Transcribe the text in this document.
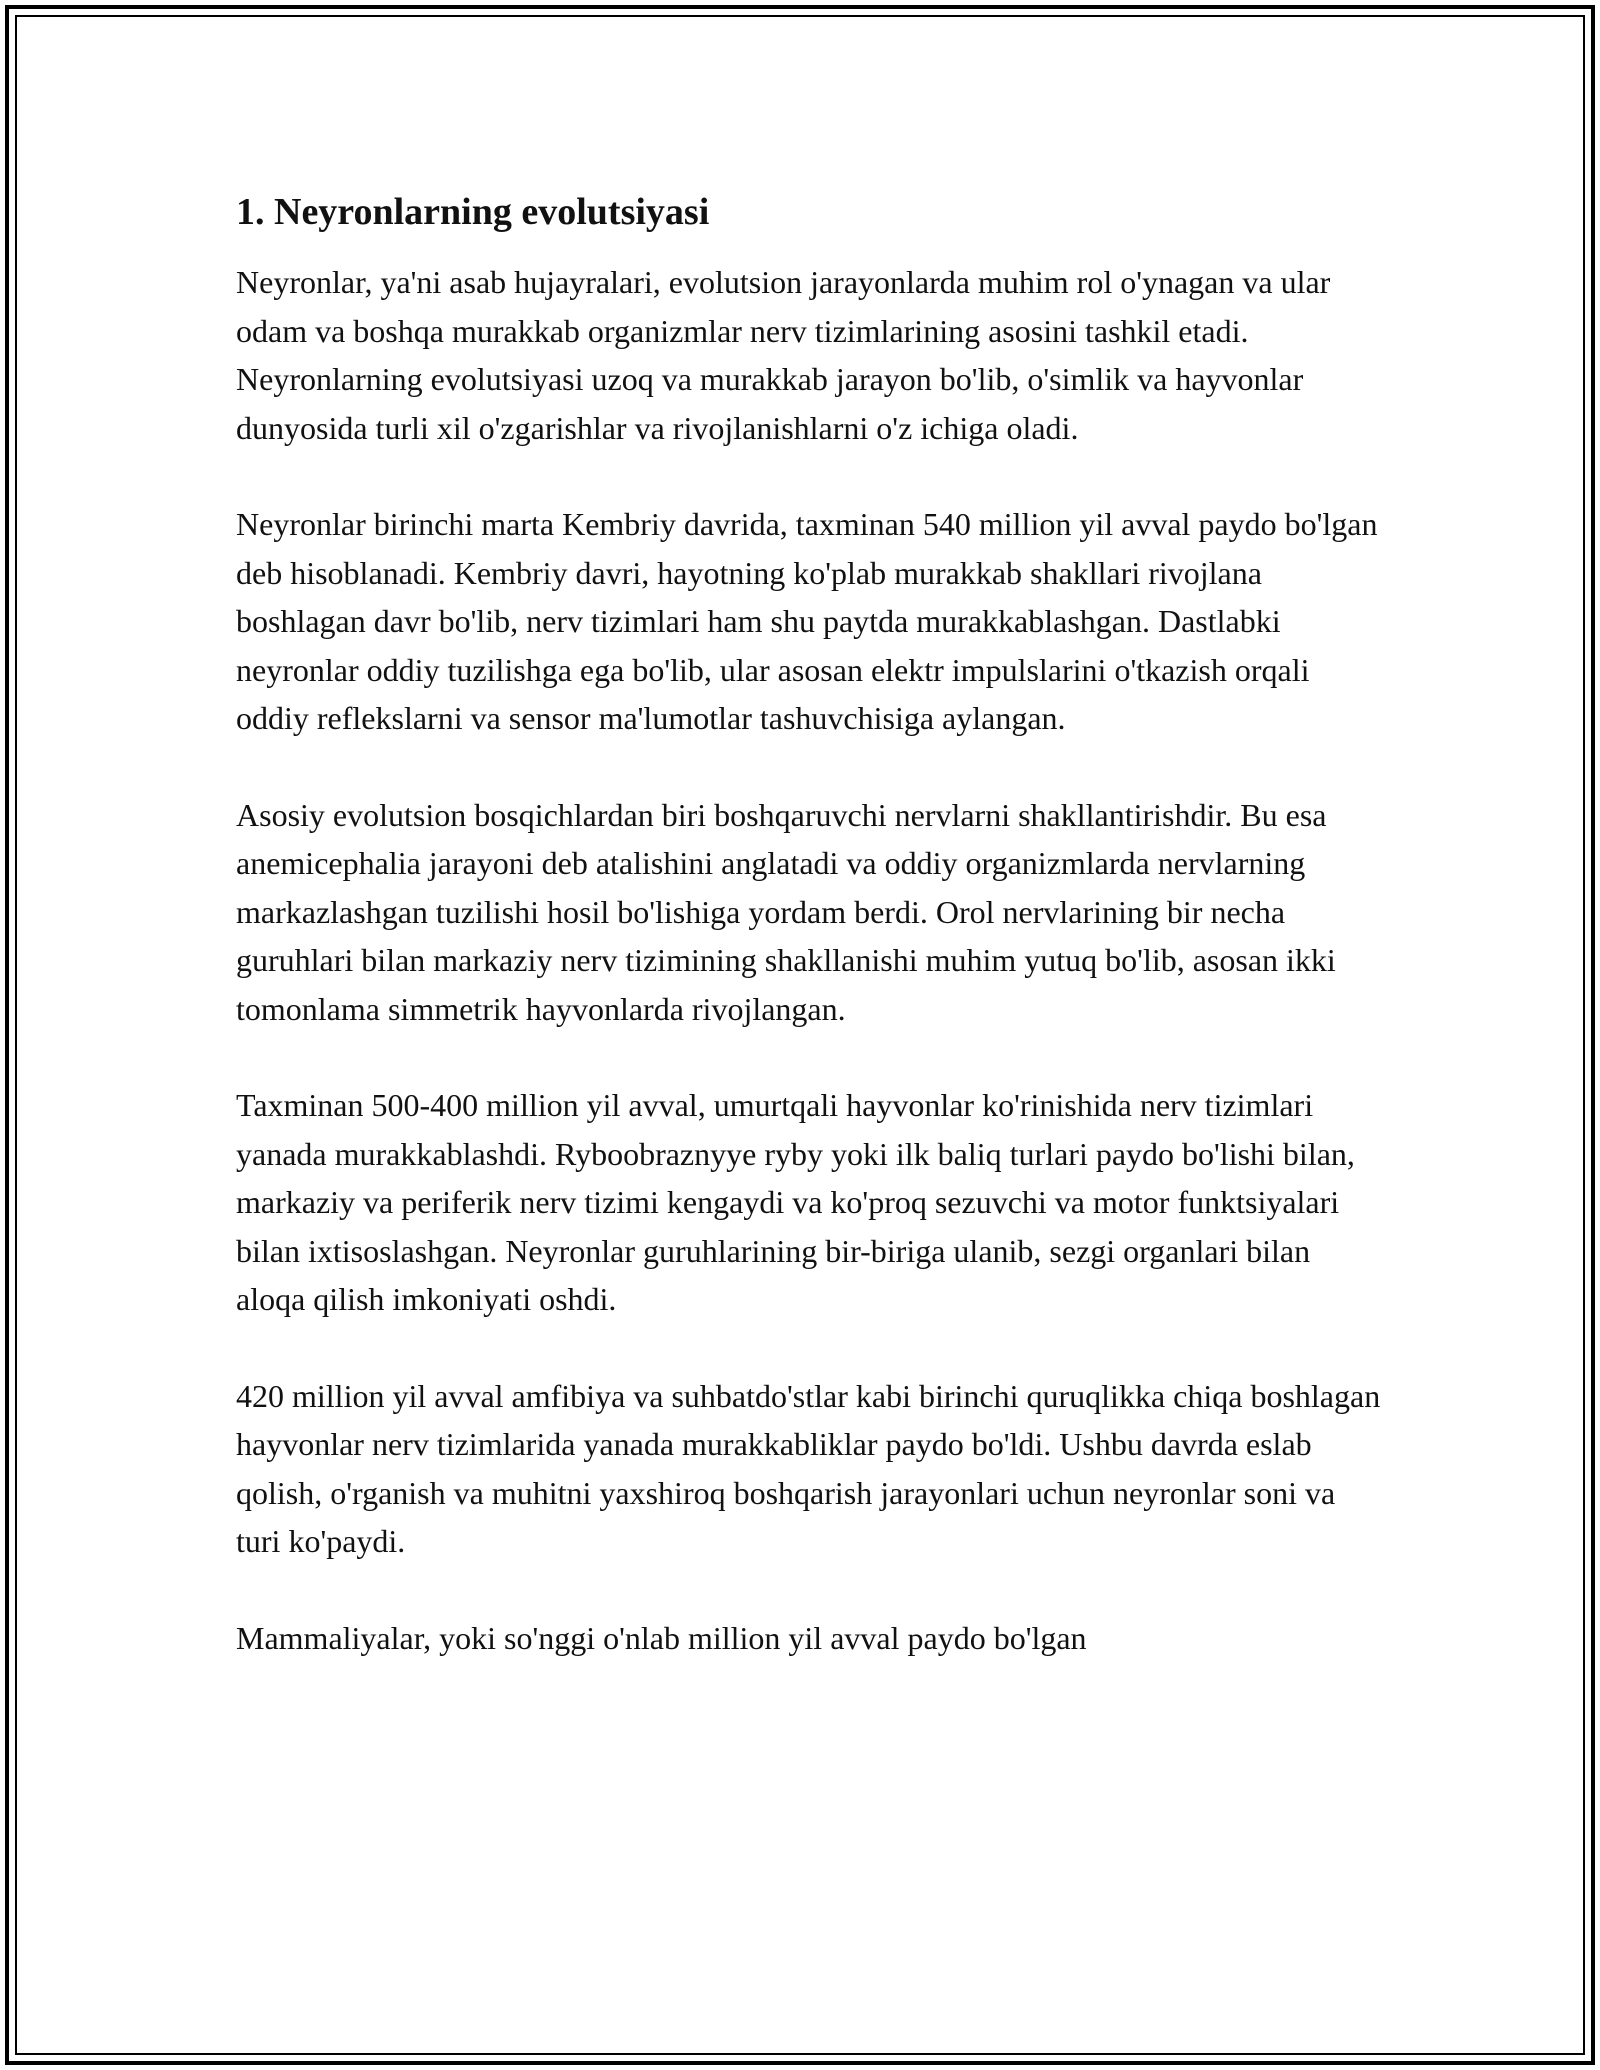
1. Neyronlarning evolutsiyasi

Neyronlar, ya'ni asab hujayralari, evolutsion jarayonlarda muhim rol o'ynagan va ular odam va boshqa murakkab organizmlar nerv tizimlarining asosini tashkil etadi. Neyronlarning evolutsiyasi uzoq va murakkab jarayon bo'lib, o'simlik va hayvonlar dunyosida turli xil o'zgarishlar va rivojlanishlarni o'z ichiga oladi.

Neyronlar birinchi marta Kembriy davrida, taxminan 540 million yil avval paydo bo'lgan deb hisoblanadi. Kembriy davri, hayotning ko'plab murakkab shakllari rivojlana boshlagan davr bo'lib, nerv tizimlari ham shu paytda murakkablashgan. Dastlabki neyronlar oddiy tuzilishga ega bo'lib, ular asosan elektr impulslarini o'tkazish orqali oddiy reflekslarni va sensor ma'lumotlar tashuvchisiga aylangan.

Asosiy evolutsion bosqichlardan biri boshqaruvchi nervlarni shakllantirishdir. Bu esa anemicephalia jarayoni deb atalishini anglatadi va oddiy organizmlarda nervlarning markazlashgan tuzilishi hosil bo'lishiga yordam berdi. Orol nervlarining bir necha guruhlari bilan markaziy nerv tizimining shakllanishi muhim yutuq bo'lib, asosan ikki tomonlama simmetrik hayvonlarda rivojlangan.

Taxminan 500-400 million yil avval, umurtqali hayvonlar ko'rinishida nerv tizimlari yanada murakkablashdi. Ryboobraznyye ryby yoki ilk baliq turlari paydo bo'lishi bilan, markaziy va periferik nerv tizimi kengaydi va ko'proq sezuvchi va motor funktsiyalari bilan ixtisoslashgan. Neyronlar guruhlarining bir-biriga ulanib, sezgi organlari bilan aloqa qilish imkoniyati oshdi.

420 million yil avval amfibiya va suhbatdo'stlar kabi birinchi quruqlikka chiqa boshlagan hayvonlar nerv tizimlarida yanada murakkabliklar paydo bo'ldi. Ushbu davrda eslab qolish, o'rganish va muhitni yaxshiroq boshqarish jarayonlari uchun neyronlar soni va turi ko'paydi.

Mammaliyalar, yoki so'nggi o'nlab million yil avval paydo bo'lgan
